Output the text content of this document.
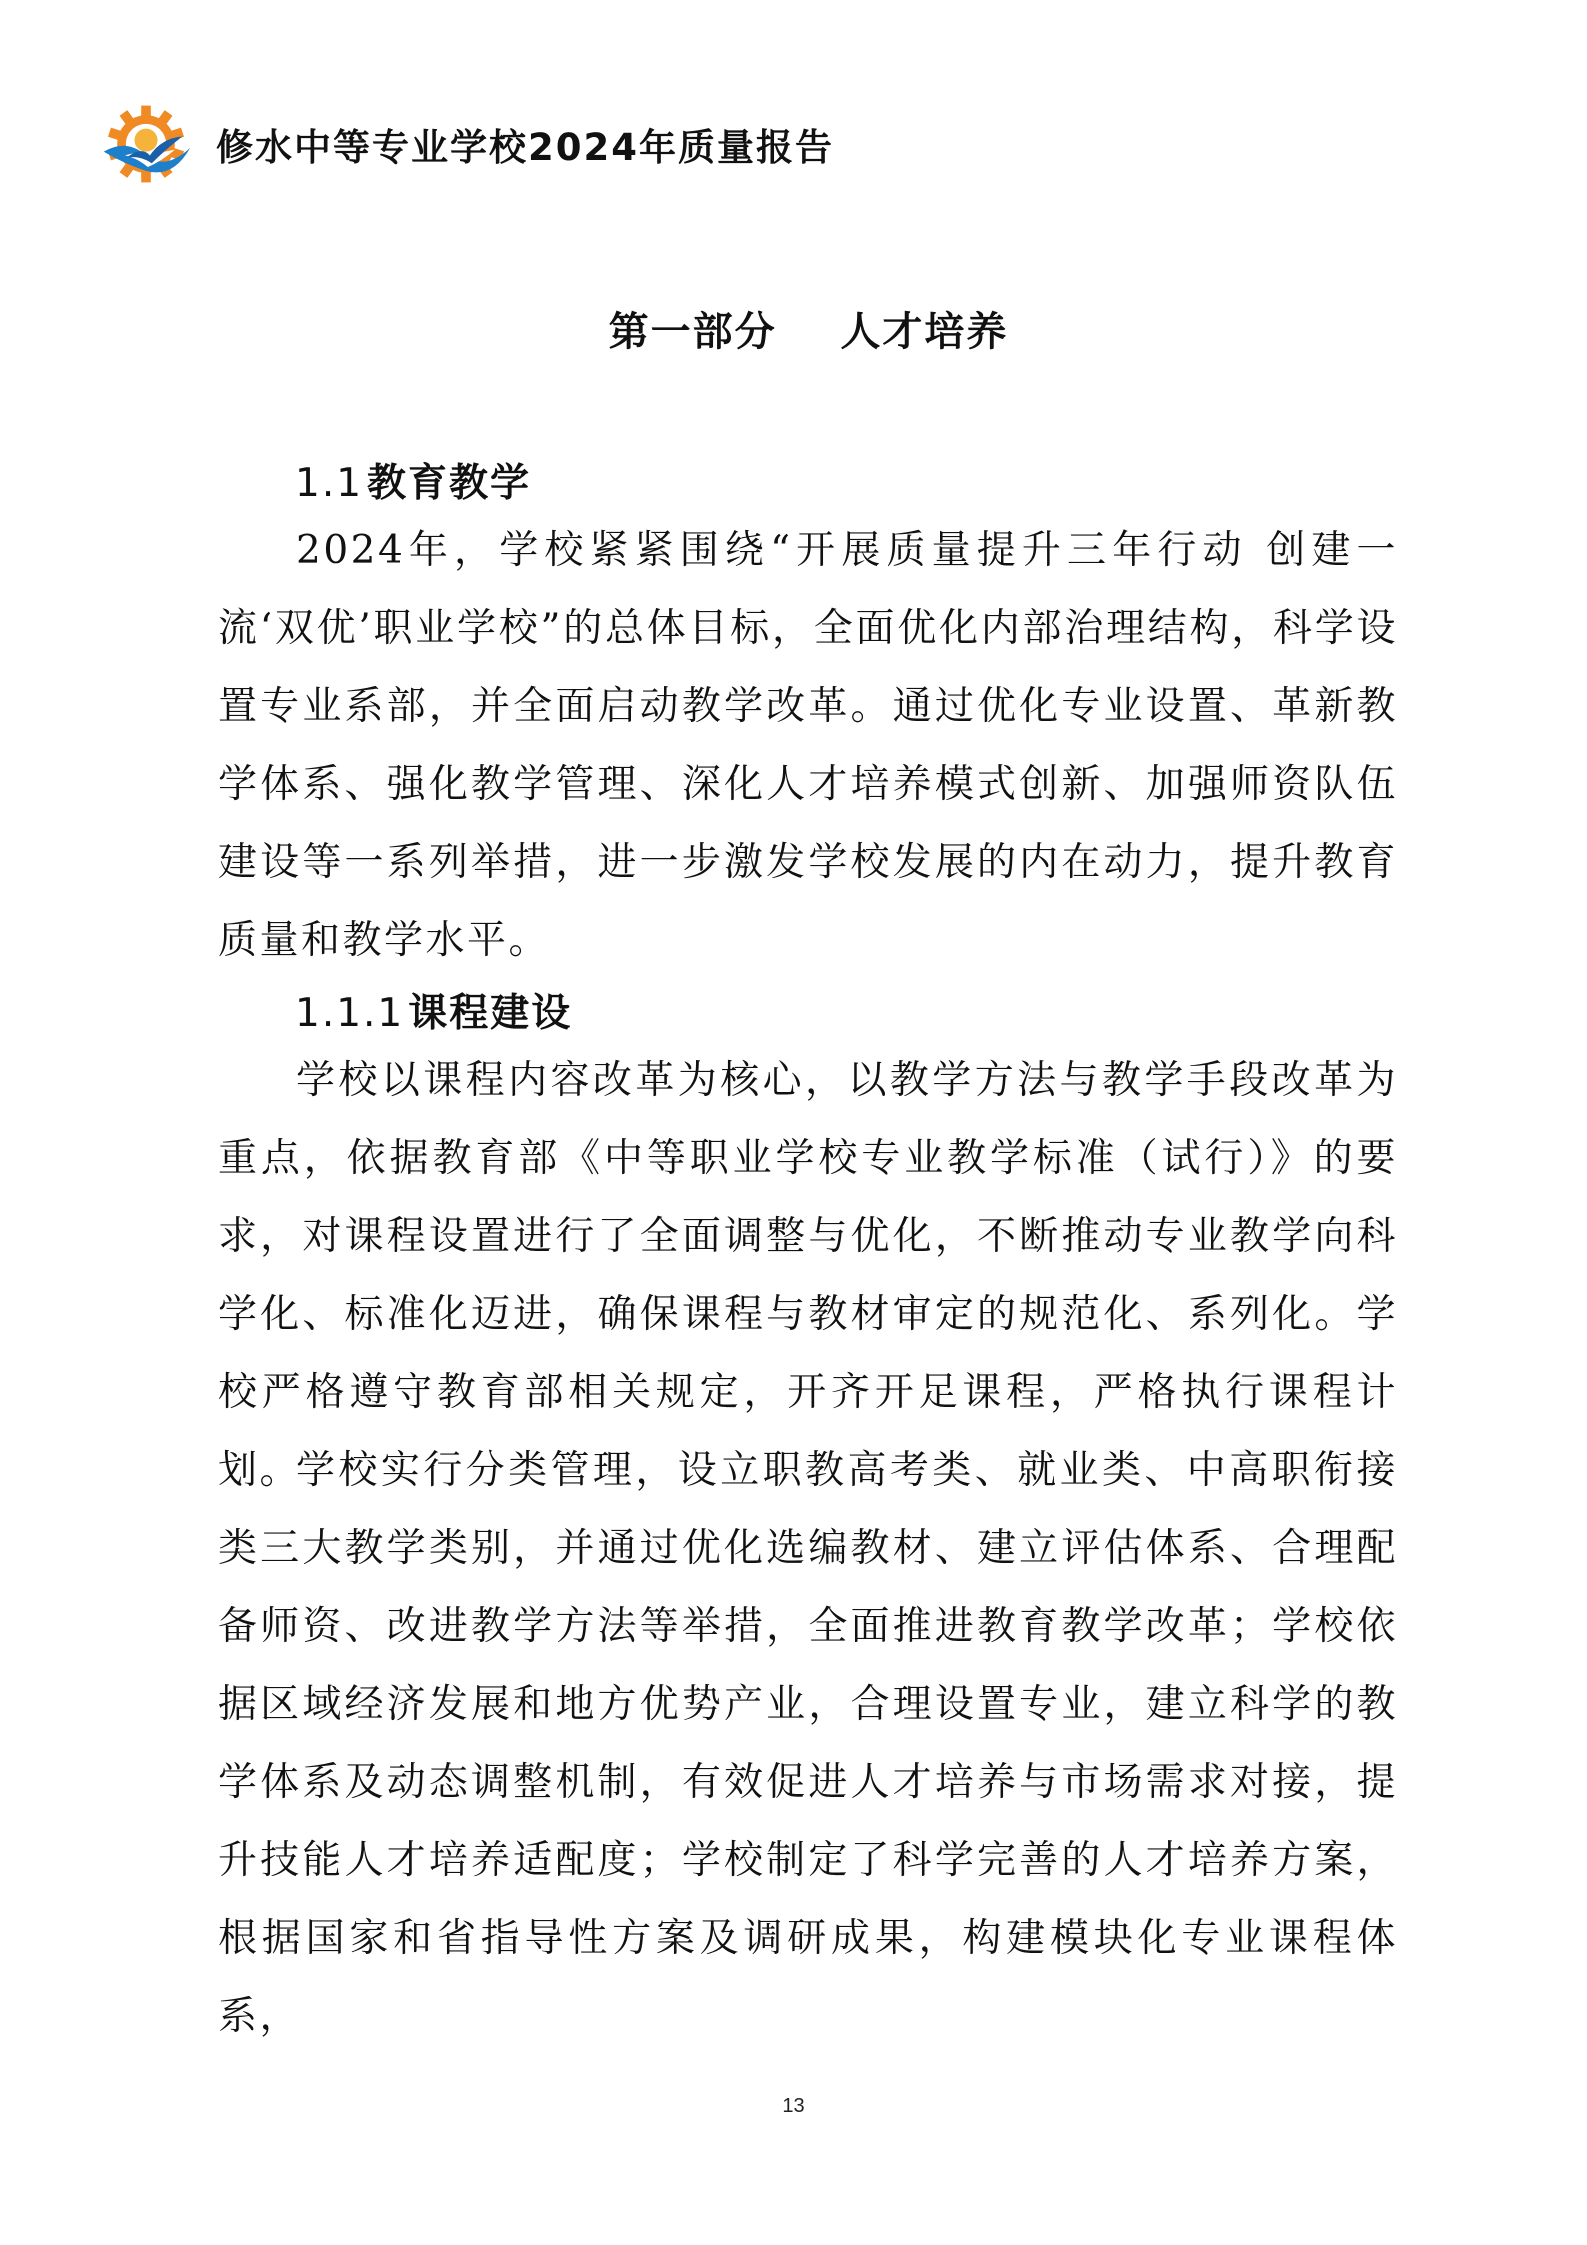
修水中等专业学校2024年质量报告
第一部分    人才培养
1.1 教育教学

2024年，学校紧紧围绕“开展质量提升三年行动 创建一流‘双优’职业学校”的总体目标，全面优化内部治理结构，科学设置专业系部，并全面启动教学改革。通过优化专业设置、革新教学体系、强化教学管理、深化人才培养模式创新、加强师资队伍建设等一系列举措，进一步激发学校发展的内在动力，提升教育质量和教学水平。

1.1.1 课程建设

学校以课程内容改革为核心，以教学方法与教学手段改革为重点，依据教育部《中等职业学校专业教学标准（试行）》的要求，对课程设置进行了全面调整与优化，不断推动专业教学向科学化、标准化迈进，确保课程与教材审定的规范化、系列化。学校严格遵守教育部相关规定，开齐开足课程，严格执行课程计划。

学校实行分类管理，设立职教高考类、就业类、中高职衔接类三大教学类别，并通过优化选编教材、建立评估体系、合理配备师资、改进教学方法等举措，全面推进教育教学改革；学校依据区域经济发展和地方优势产业，合理设置专业，建立科学的教学体系及动态调整机制，有效促进人才培养与市场需求对接，提升技能人才培养适配度；学校制定了科学完善的人才培养方案，根据国家和省指导性方案及调研成果，构建模块化专业课程体系，

13
